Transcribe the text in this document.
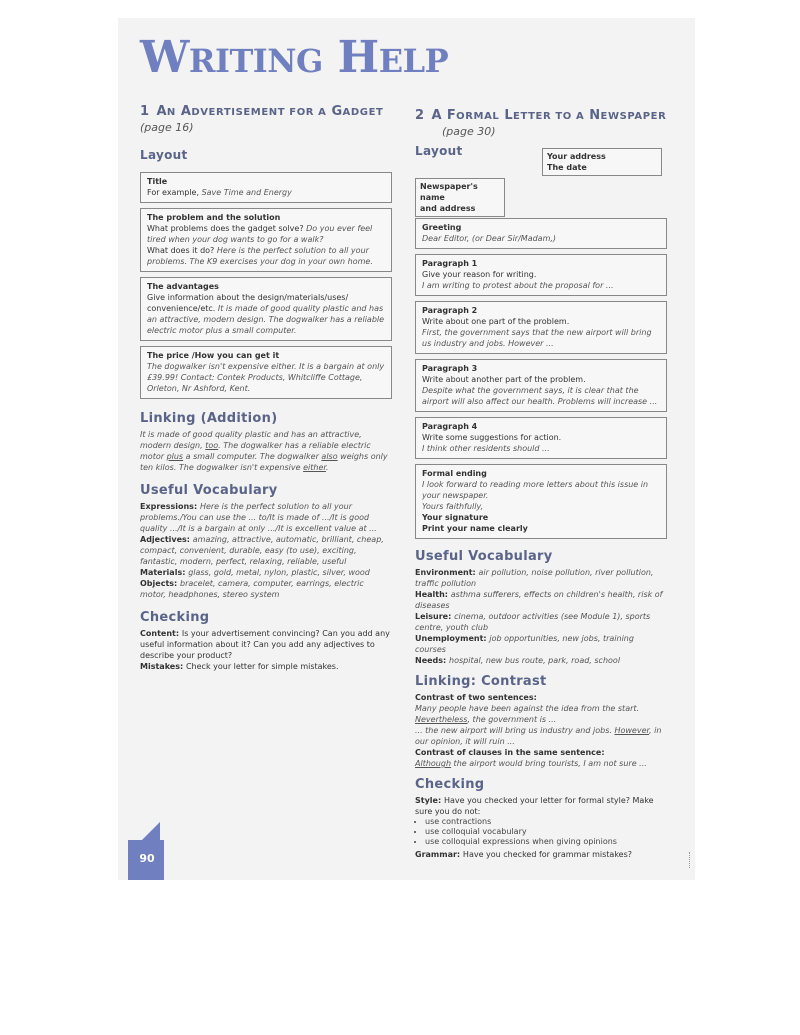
WRITING HELP
1 AN ADVERTISEMENT FOR A GADGET
(page 16)
Layout
Title
For example, Save Time and Energy
The problem and the solution
What problems does the gadget solve? Do you ever feel tired when your dog wants to go for a walk?
What does it do? Here is the perfect solution to all your problems. The K9 exercises your dog in your own home.
The advantages
Give information about the design/materials/uses/ convenience/etc. It is made of good quality plastic and has an attractive, modern design. The dogwalker has a reliable electric motor plus a small computer.
The price /How you can get it
The dogwalker isn't expensive either. It is a bargain at only £39.99! Contact: Contek Products, Whitcliffe Cottage, Orleton, Nr Ashford, Kent.
Linking (Addition)

It is made of good quality plastic and has an attractive, modern design, too. The dogwalker has a reliable electric motor plus a small computer. The dogwalker also weighs only ten kilos. The dogwalker isn't expensive either.

Useful Vocabulary

Expressions: Here is the perfect solution to all your problems./You can use the ... to/It is made of .../It is good quality .../It is a bargain at only .../It is excellent value at ...

Adjectives: amazing, attractive, automatic, brilliant, cheap, compact, convenient, durable, easy (to use), exciting, fantastic, modern, perfect, relaxing, reliable, useful

Materials: glass, gold, metal, nylon, plastic, silver, wood

Objects: bracelet, camera, computer, earrings, electric motor, headphones, stereo system

Checking

Content: Is your advertisement convincing? Can you add any useful information about it? Can you add any adjectives to describe your product?

Mistakes: Check your letter for simple mistakes.

2 A FORMAL LETTER TO A NEWSPAPER
(page 30)
Layout	Your address
The date
Newspaper's name
and address
Greeting
Dear Editor, (or Dear Sir/Madam,)
Paragraph 1
Give your reason for writing.
I am writing to protest about the proposal for ...
Paragraph 2
Write about one part of the problem.
First, the government says that the new airport will bring us industry and jobs. However ...
Paragraph 3
Write about another part of the problem.
Despite what the government says, it is clear that the airport will also affect our health. Problems will increase ...
Paragraph 4
Write some suggestions for action.
I think other residents should ...
Formal ending
I look forward to reading more letters about this issue in your newspaper.
Yours faithfully,
Your signature
Print your name clearly
Useful Vocabulary

Environment: air pollution, noise pollution, river pollution, traffic pollution

Health: asthma sufferers, effects on children's health, risk of diseases

Leisure: cinema, outdoor activities (see Module 1), sports centre, youth club

Unemployment: job opportunities, new jobs, training courses

Needs: hospital, new bus route, park, road, school

Linking: Contrast

Contrast of two sentences:
Many people have been against the idea from the start.
Nevertheless, the government is ...
... the new airport will bring us industry and jobs. However, in our opinion, it will ruin ...
Contrast of clauses in the same sentence:
Although the airport would bring tourists, I am not sure ...

Checking

Style: Have you checked your letter for formal style? Make sure you do not:

• use contractions
• use colloquial vocabulary
• use colloquial expressions when giving opinions

Grammar: Have you checked for grammar mistakes?

90
